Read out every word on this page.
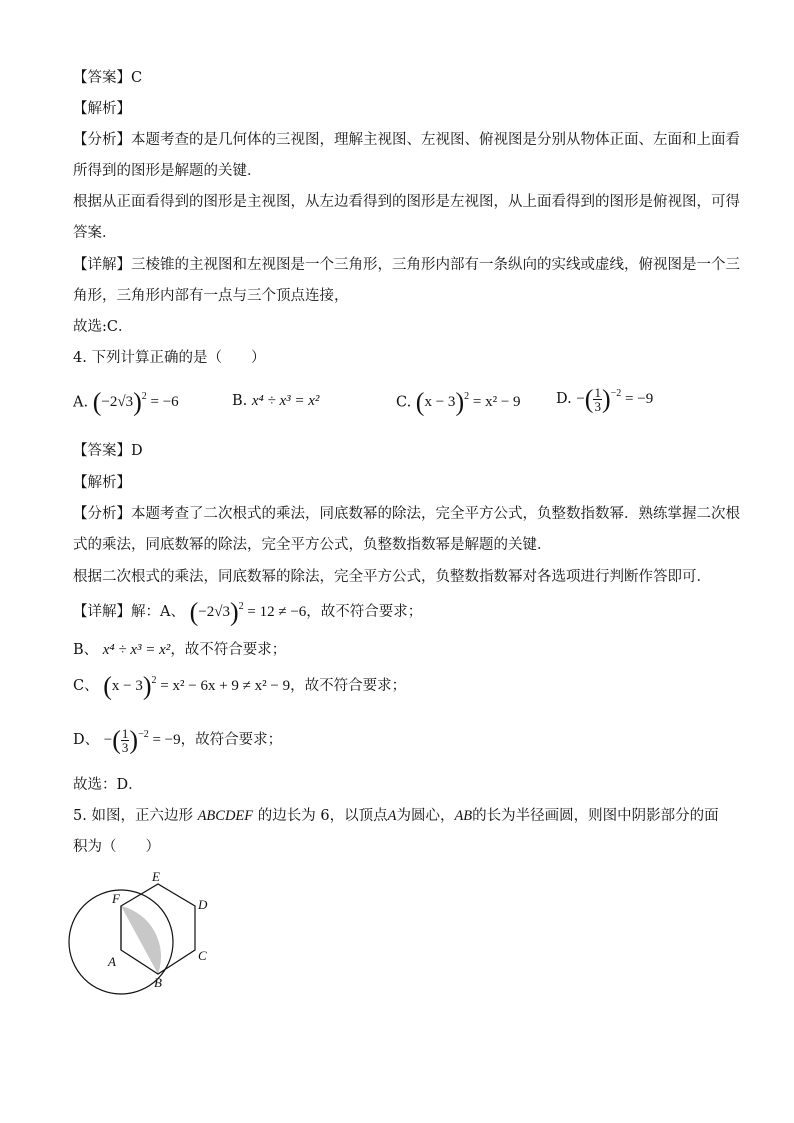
【答案】C
【解析】
【分析】本题考查的是几何体的三视图，理解主视图、左视图、俯视图是分别从物体正面、左面和上面看
所得到的图形是解题的关键．
根据从正面看得到的图形是主视图，从左边看得到的图形是左视图，从上面看得到的图形是俯视图，可得
答案．
【详解】三棱锥的主视图和左视图是一个三角形，三角形内部有一条纵向的实线或虚线，俯视图是一个三
角形，三角形内部有一点与三个顶点连接，
故选:C．
4. 下列计算正确的是（　　）
A. $(-2√3)^2 = -6$	B. x⁴ ÷ x³ = x²	C. $(x - 3)^2 = x^2 - 9$ D. −( $\frac{1}{3} )^{-2} = -9$
【答案】D
【解析】
【分析】本题考查了二次根式的乘法，同底数幂的除法，完全平方公式，负整数指数幂．熟练掌握二次根
式的乘法，同底数幂的除法，完全平方公式，负整数指数幂是解题的关键．
根据二次根式的乘法，同底数幂的除法，完全平方公式，负整数指数幂对各选项进行判断作答即可．
【详解】解：A、 $(-2√3)^2 = 12 \ne -6$，故不符合要求；
B、 x⁴ ÷ x³ = x²，故不符合要求；
C、 $(x - 3)^2 = x^2 - 6x + 9 \ne x^2 - 9$，故不符合要求；
D、 −( $\frac{1}{3} )^{-2} = -9$，故符合要求；
故选：D．
5. 如图，正六边形 ABCDEF 的边长为 6，以顶点A为圆心，AB的长为半径画圆，则图中阴影部分的面
积为（　　）
E
D
F
C
A
B
